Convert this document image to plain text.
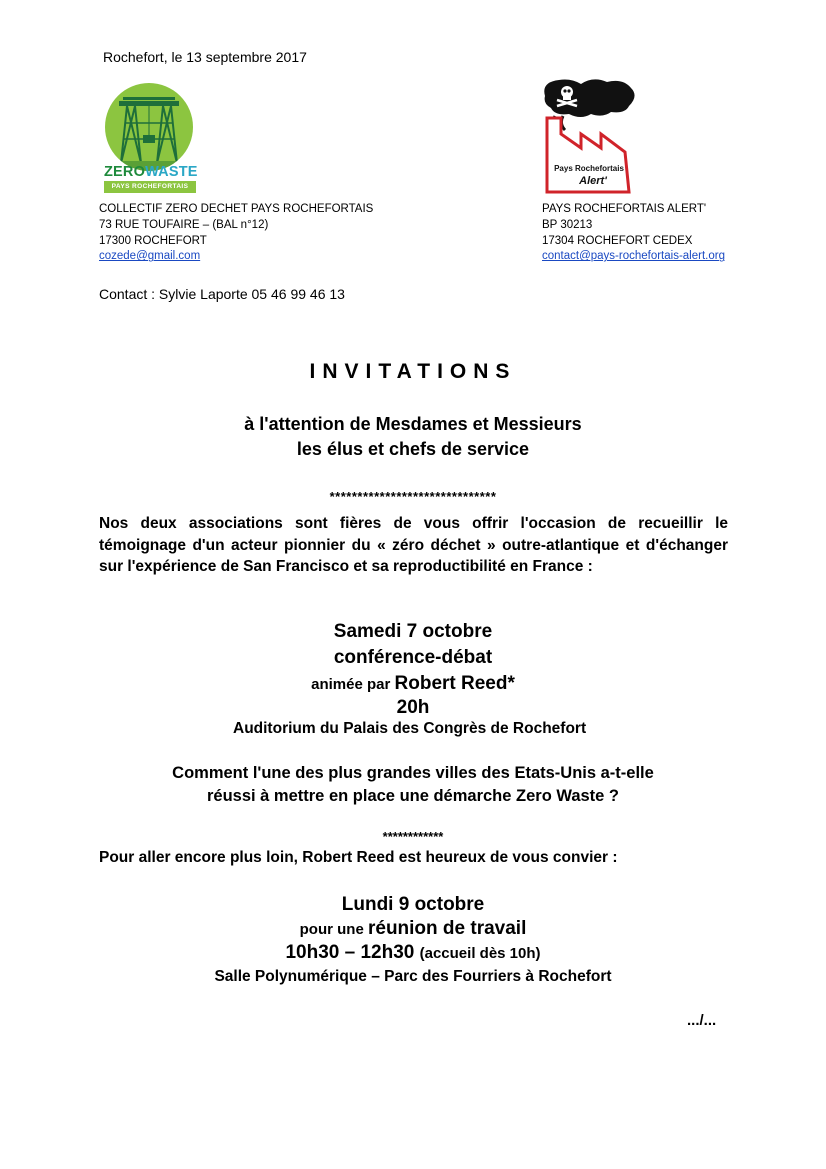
Rochefort, le 13 septembre 2017
ZEROWASTE
PAYS ROCHEFORTAIS
Pays Rochefortais
Alert'
COLLECTIF ZERO DECHET PAYS ROCHEFORTAIS
73 RUE TOUFAIRE – (BAL n°12)
17300 ROCHEFORT
cozede@gmail.com
PAYS ROCHEFORTAIS ALERT'
BP 30213
17304 ROCHEFORT CEDEX
contact@pays-rochefortais-alert.org
Contact : Sylvie Laporte 05 46 99 46 13
INVITATIONS
à l'attention de Mesdames et Messieurs
les élus et chefs de service
******************************
Nos deux associations sont fières de vous offrir l'occasion de recueillir le témoignage d'un acteur pionnier du « zéro déchet » outre-atlantique et d'échanger sur l'expérience de San Francisco et sa reproductibilité en France :
Samedi 7 octobre
conférence-débat
animée par Robert Reed*
20h
Auditorium du Palais des Congrès de Rochefort
Comment l'une des plus grandes villes des Etats-Unis a-t-elle
réussi à mettre en place une démarche Zero Waste ?
************
Pour aller encore plus loin, Robert Reed est heureux de vous convier :
Lundi 9 octobre
pour une réunion de travail
10h30 – 12h30 (accueil dès 10h)
Salle Polynumérique – Parc des Fourriers à Rochefort
.../...
